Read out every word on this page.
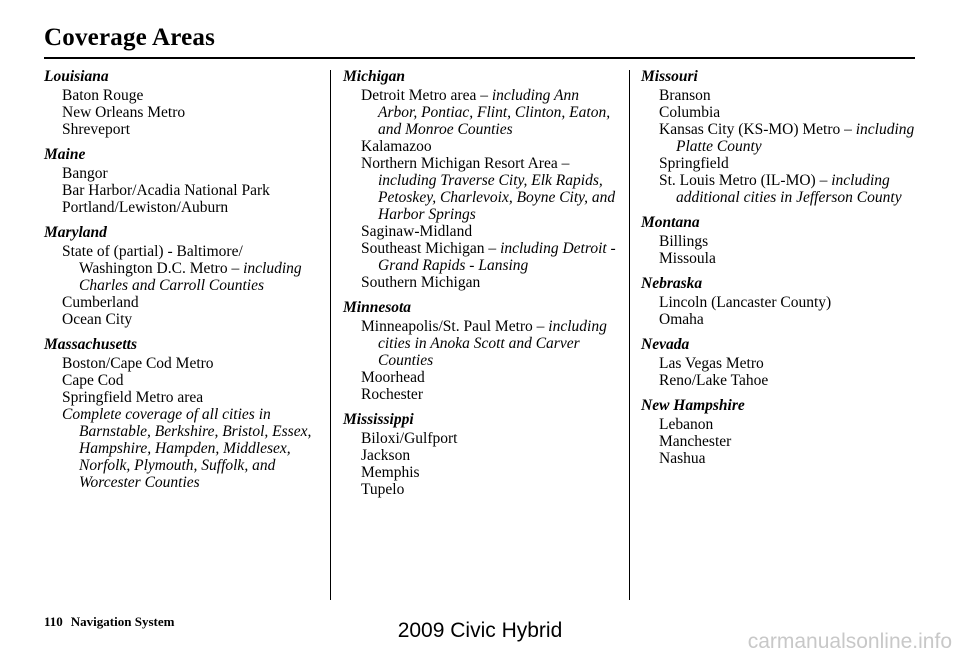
Coverage Areas
Louisiana
Baton Rouge
New Orleans Metro
Shreveport
Maine
Bangor
Bar Harbor/Acadia National Park
Portland/Lewiston/Auburn
Maryland
State of (partial) - Baltimore/ Washington D.C. Metro – including Charles and Carroll Counties
Cumberland
Ocean City
Massachusetts
Boston/Cape Cod Metro
Cape Cod
Springfield Metro area
Complete coverage of all cities in Barnstable, Berkshire, Bristol, Essex, Hampshire, Hampden, Middlesex, Norfolk, Plymouth, Suffolk, and Worcester Counties
Michigan
Detroit Metro area – including Ann Arbor, Pontiac, Flint, Clinton, Eaton, and Monroe Counties
Kalamazoo
Northern Michigan Resort Area – including Traverse City, Elk Rapids, Petoskey, Charlevoix, Boyne City, and Harbor Springs
Saginaw-Midland
Southeast Michigan – including Detroit - Grand Rapids - Lansing
Southern Michigan
Minnesota
Minneapolis/St. Paul Metro – including cities in Anoka Scott and Carver Counties
Moorhead
Rochester
Mississippi
Biloxi/Gulfport
Jackson
Memphis
Tupelo
Missouri
Branson
Columbia
Kansas City (KS-MO) Metro – including Platte County
Springfield
St. Louis Metro (IL-MO) – including additional cities in Jefferson County
Montana
Billings
Missoula
Nebraska
Lincoln (Lancaster County)
Omaha
Nevada
Las Vegas Metro
Reno/Lake Tahoe
New Hampshire
Lebanon
Manchester
Nashua
110 Navigation System	2009 Civic Hybrid	carmanualsonline.info
